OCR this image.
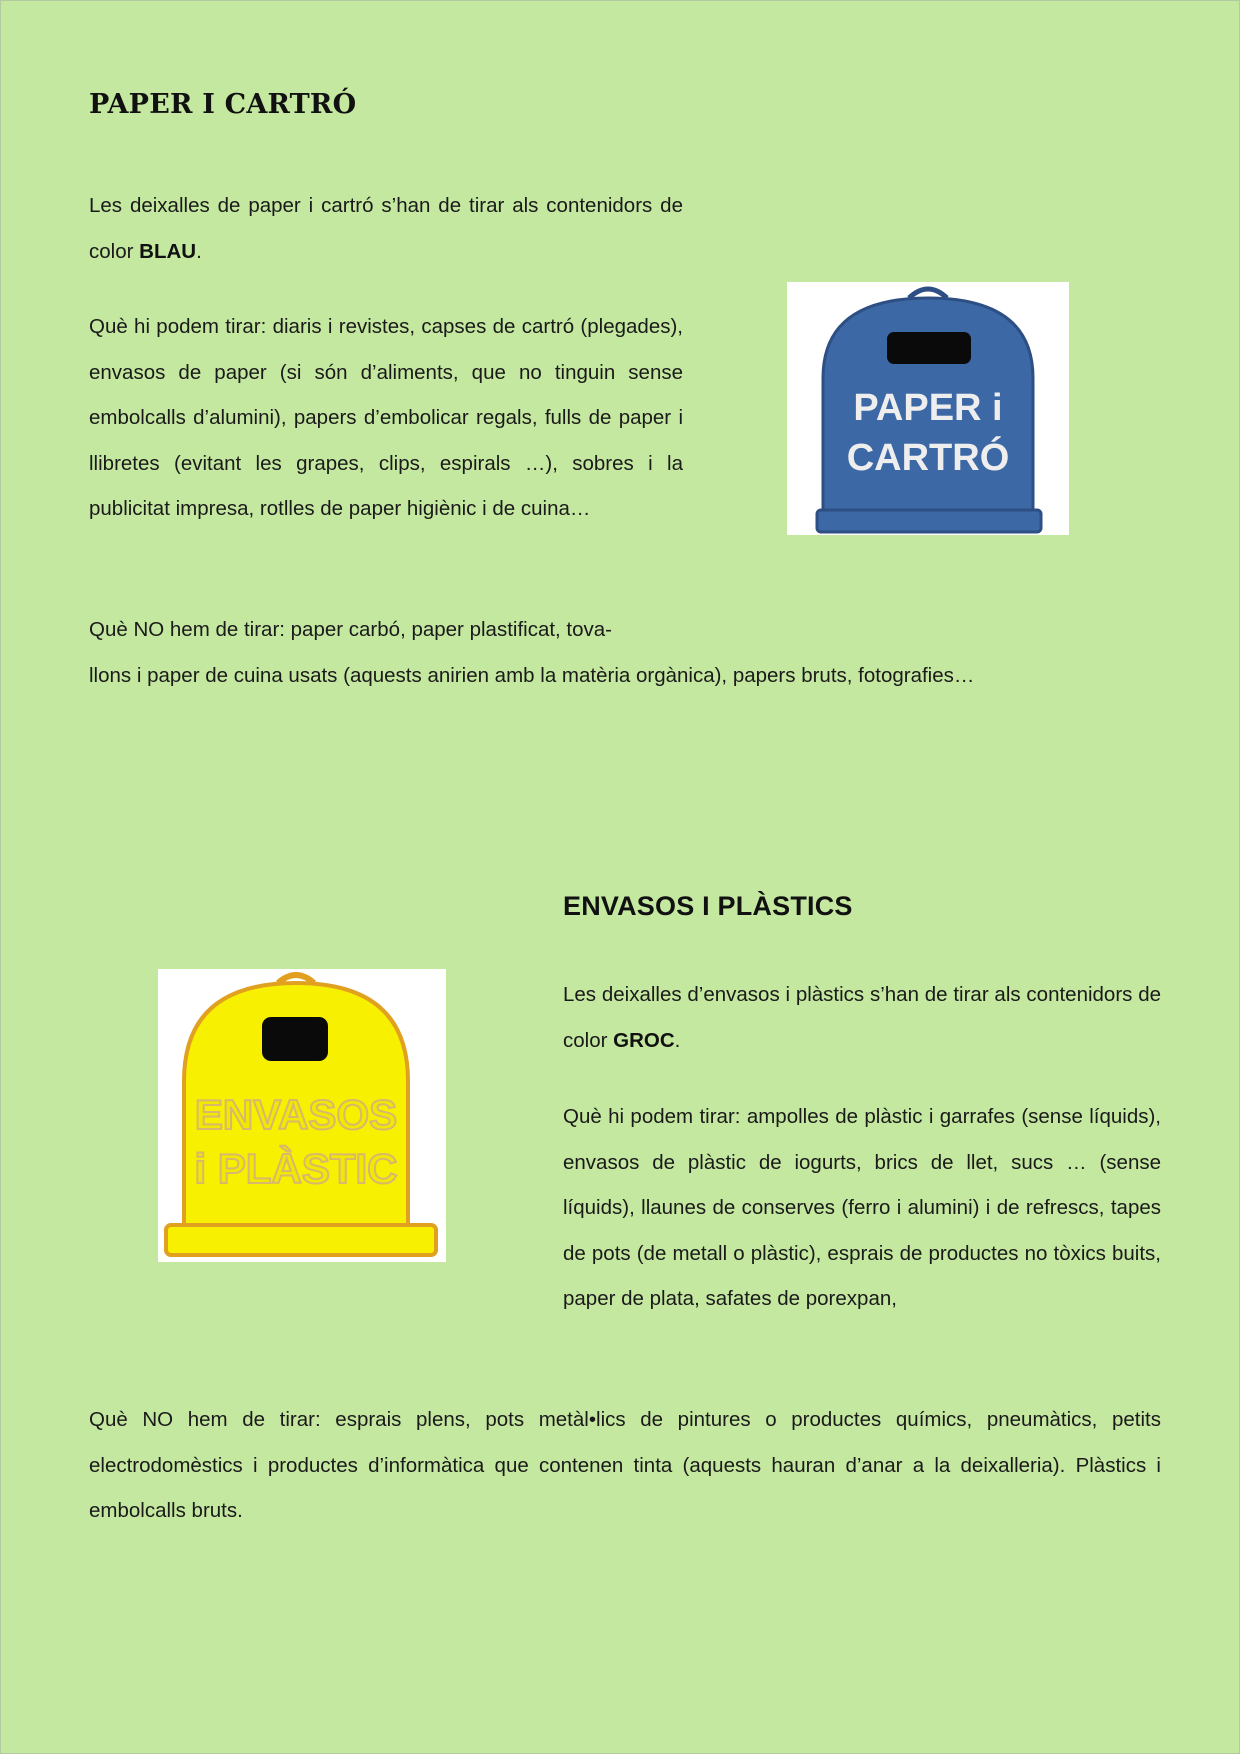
PAPER I CARTRÓ

Les deixalles de paper i cartró s’han de tirar als contenidors de color BLAU.

Què hi podem tirar: diaris i revistes, capses de cartró (plegades), envasos de paper (si són d’aliments, que no tinguin sense embolcalls d’alumini), papers d’embolicar regals, fulls de paper i llibretes (evitant les grapes, clips, espirals …), sobres i la publicitat impresa, rotlles de paper higiènic i de cuina…

Què NO hem de tirar: paper carbó, paper plastificat, tova-
llons i paper de cuina usats (aquests anirien amb la matèria orgànica), papers bruts, fotografies…

PAPER i
CARTRÓ
ENVASOS I PLÀSTICS
ENVASOS
i PLÀSTIC

Les deixalles d’envasos i plàstics s’han de tirar als contenidors de color GROC.

Què hi podem tirar: ampolles de plàstic i garrafes (sense líquids), envasos de plàstic de iogurts, brics de llet, sucs … (sense líquids), llaunes de conserves (ferro i alumini) i de refrescs, tapes de pots (de metall o plàstic), esprais de productes no tòxics buits, paper de plata, safates de porexpan,

Què NO hem de tirar: esprais plens, pots metàl•lics de pintures o productes químics, pneumàtics, petits electrodomèstics i productes d’informàtica que contenen tinta (aquests hauran d’anar a la deixalleria). Plàstics i embolcalls bruts.
